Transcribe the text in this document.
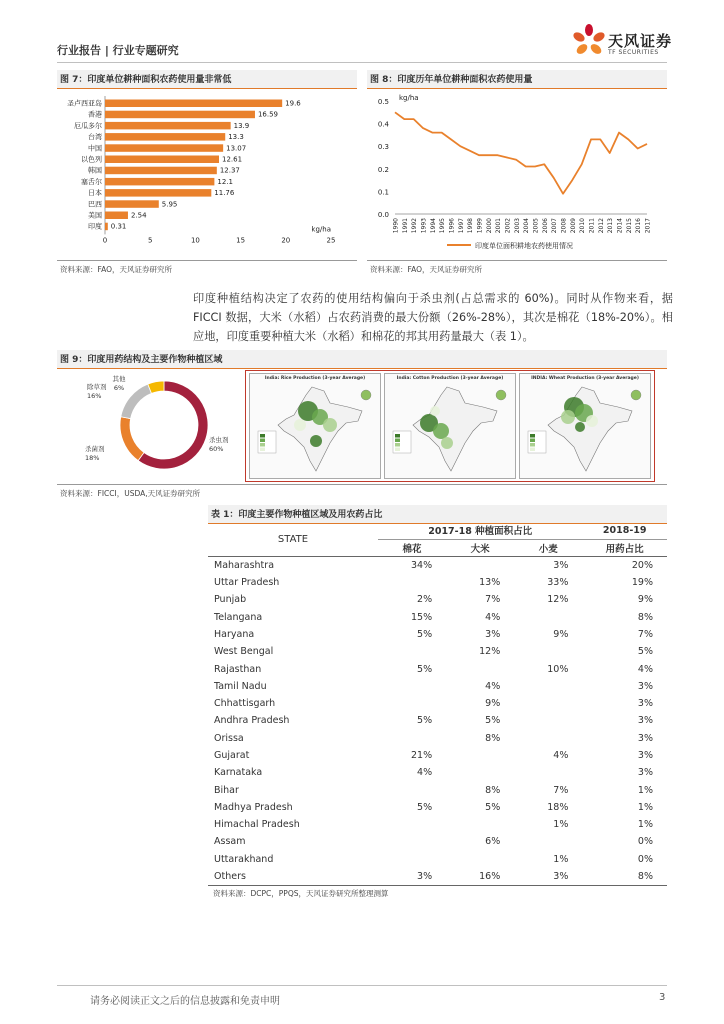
行业报告 | 行业专题研究
天风证券
TF SECURITIES
图 7：印度单位耕种面积农药使用量非常低
圣卢西亚岛	19.6
香港	16.59
厄瓜多尔	13.9
台湾	13.3
中国	13.07
以色列	12.61
韩国	12.37
塞舌尔	12.1
日本	11.76
巴西	5.95
美国	2.54
印度 0.31
0	5	10	15	20	25
kg/ha
资料来源：FAO，天风证券研究所
图 8：印度历年单位耕种面积农药使用量
0.0
0.1
0.2
0.3
0.4
0.5 kg/ha
1990 1991 1992 1993 1994 1995 1996 1997 1998 1999 2000 2001 2002 2003 2004 2005 2006 2007 2008 2009 2010 2011 2012 2013 2014 2015 2016 2017
印度单位面积耕地农药使用情况
资料来源：FAO，天风证券研究所
印度种植结构决定了农药的使用结构偏向于杀虫剂(占总需求的 60%)。同时从作物来看，据 FICCI 数据，大米（水稻）占农药消费的最大份额（26%-28%），其次是棉花（18%-20%）。相应地，印度重要种植大米（水稻）和棉花的邦其用药量最大（表 1）。
图 9：印度用药结构及主要作物种植区域
杀虫剂
60%
杀菌剂
18%
除草剂
16%
其他
6%
India: Rice Production (3-year Average)	India: Cotton Production (3-year Average)	INDIA: Wheat Production (3-year Average)
资料来源：FICCI，USDA,天风证券研究所
表 1：印度主要作物种植区域及用农药占比
STATE	2017-18 种植面积占比			2018-19
	棉花	大米	小麦	用药占比
Maharashtra	34%		3%	20%
Uttar Pradesh		13%	33%	19%
Punjab	2%	7%	12%	9%
Telangana	15%	4%		8%
Haryana	5%	3%	9%	7%
West Bengal		12%		5%
Rajasthan	5%		10%	4%
Tamil Nadu		4%		3%
Chhattisgarh		9%		3%
Andhra Pradesh	5%	5%		3%
Orissa		8%		3%
Gujarat	21%		4%	3%
Karnataka	4%			3%
Bihar		8%	7%	1%
Madhya Pradesh	5%	5%	18%	1%
Himachal Pradesh			1%	1%
Assam		6%		0%
Uttarakhand			1%	0%
Others	3%	16%	3%	8%
资料来源：DCPC，PPQS，天风证券研究所整理测算
请务必阅读正文之后的信息披露和免责申明	3
